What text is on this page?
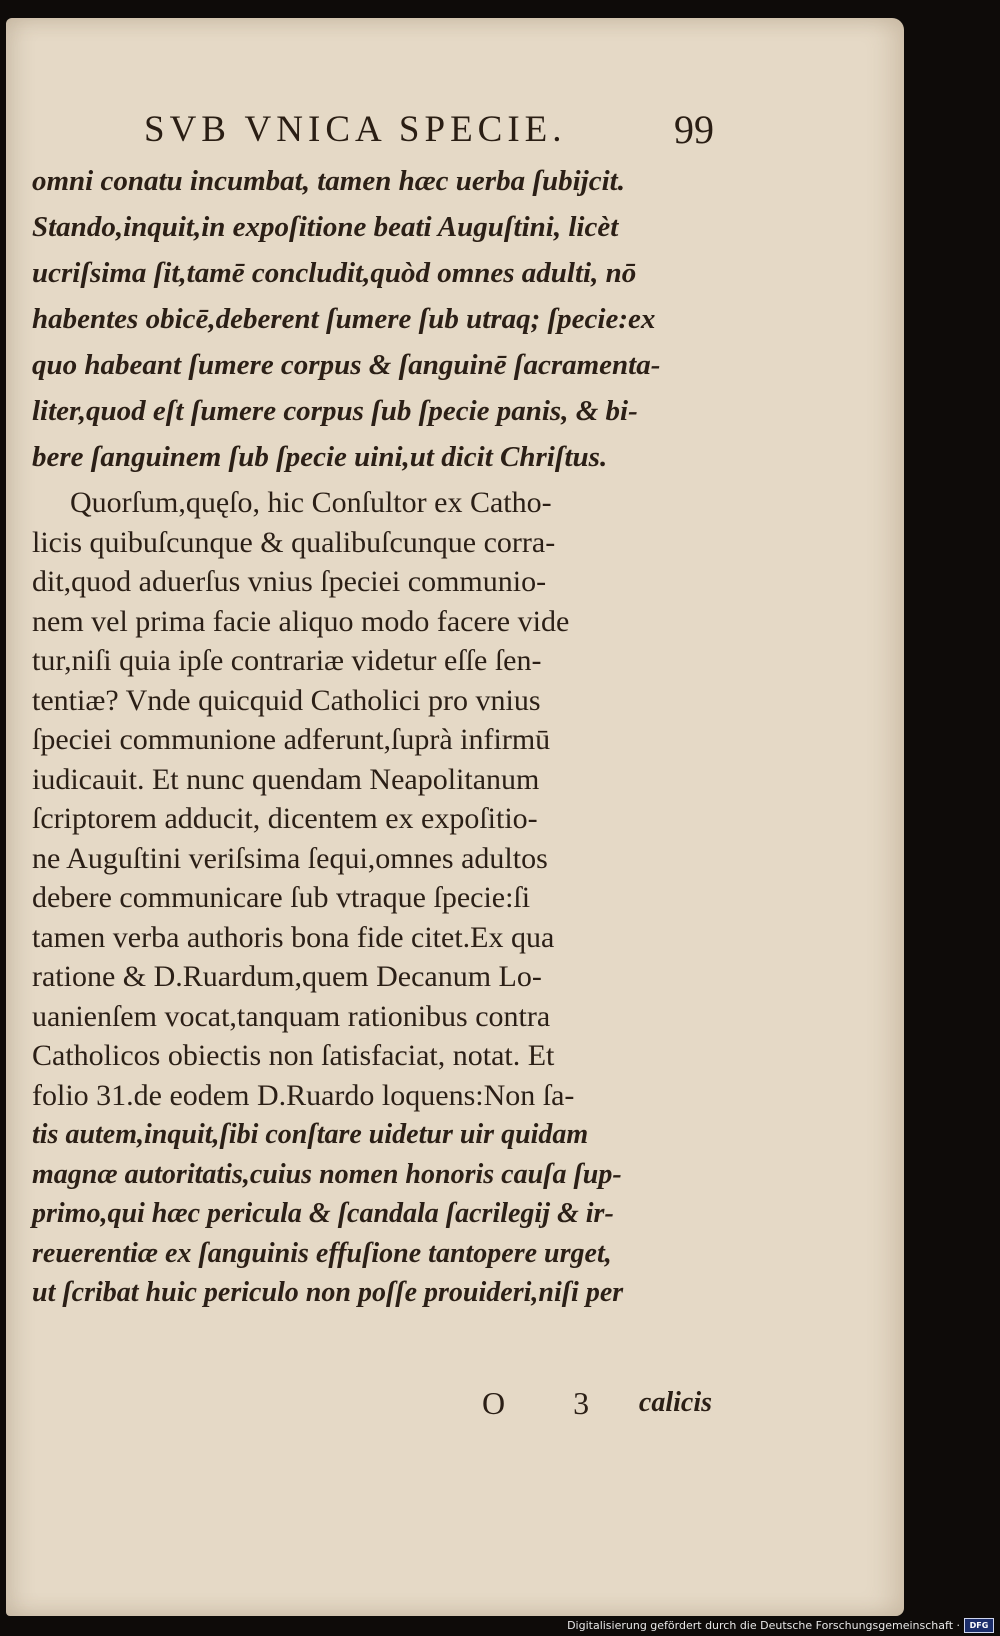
SVB VNICA SPECIE.	99
omni conatu incumbat, tamen hæc uerba ſubijcit.
Stando,inquit,in expoſitione beati Auguſtini, licèt
ucriſsima ſit,tamē concludit,quòd omnes adulti, nō
habentes obicē,deberent ſumere ſub utraq; ſpecie:ex
quo habeant ſumere corpus & ſanguinē ſacramenta-
liter,quod eſt ſumere corpus ſub ſpecie panis, & bi-
bere ſanguinem ſub ſpecie uini,ut dicit Chriſtus.
Quorſum,quęſo, hic Conſultor ex Catho-
licis quibuſcunque & qualibuſcunque corra-
dit,quod aduerſus vnius ſpeciei communio-
nem vel prima facie aliquo modo facere vide
tur,niſi quia ipſe contrariæ videtur eſſe ſen-
tentiæ? Vnde quicquid Catholici pro vnius
ſpeciei communione adferunt,ſuprà infirmū
iudicauit. Et nunc quendam Neapolitanum
ſcriptorem adducit, dicentem ex expoſitio-
ne Auguſtini veriſsima ſequi,omnes adultos
debere communicare ſub vtraque ſpecie:ſi
tamen verba authoris bona fide citet.Ex qua
ratione & D.Ruardum,quem Decanum Lo-
uanienſem vocat,tanquam rationibus contra
Catholicos obiectis non ſatisfaciat, notat. Et
folio 31.de eodem D.Ruardo loquens:Non ſa-
tis autem,inquit,ſibi conſtare uidetur uir quidam
magnæ autoritatis,cuius nomen honoris cauſa ſup-
primo,qui hæc pericula & ſcandala ſacrilegij & ir-
reuerentiæ ex ſanguinis effuſione tantopere urget,
ut ſcribat huic periculo non poſſe prouideri,niſi per
O 3 calicis
Digitalisierung gefördert durch die Deutsche Forschungsgemeinschaft ·	DFG
